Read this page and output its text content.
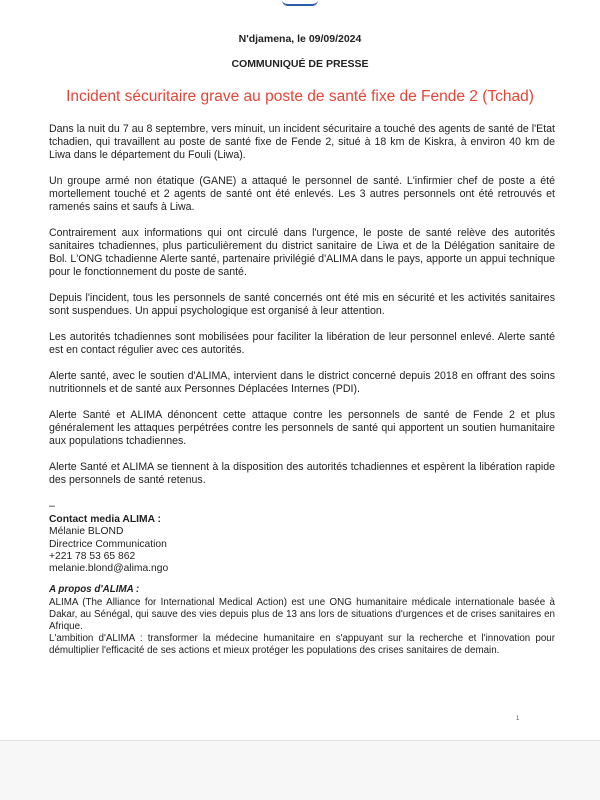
N'djamena, le 09/09/2024
COMMUNIQUÉ DE PRESSE
Incident sécuritaire grave au poste de santé fixe de Fende 2 (Tchad)

Dans la nuit du 7 au 8 septembre, vers minuit, un incident sécuritaire a touché des agents de santé de l'Etat tchadien, qui travaillent au poste de santé fixe de Fende 2, situé à 18 km de Kiskra, à environ 40 km de Liwa dans le département du Fouli (Liwa).

Un groupe armé non étatique (GANE) a attaqué le personnel de santé. L'infirmier chef de poste a été mortellement touché et 2 agents de santé ont été enlevés. Les 3 autres personnels ont été retrouvés et ramenés sains et saufs à Liwa.

Contrairement aux informations qui ont circulé dans l'urgence, le poste de santé relève des autorités sanitaires tchadiennes, plus particulièrement du district sanitaire de Liwa et de la Délégation sanitaire de Bol. L'ONG tchadienne Alerte santé, partenaire privilégié d'ALIMA dans le pays, apporte un appui technique pour le fonctionnement du poste de santé.

Depuis l'incident, tous les personnels de santé concernés ont été mis en sécurité et les activités sanitaires sont suspendues. Un appui psychologique est organisé à leur attention.

Les autorités tchadiennes sont mobilisées pour faciliter la libération de leur personnel enlevé. Alerte santé est en contact régulier avec ces autorités.

Alerte santé, avec le soutien d'ALIMA, intervient dans le district concerné depuis 2018 en offrant des soins nutritionnels et de santé aux Personnes Déplacées Internes (PDI).

Alerte Santé et ALIMA dénoncent cette attaque contre les personnels de santé de Fende 2 et plus généralement les attaques perpétrées contre les personnels de santé qui apportent un soutien humanitaire aux populations tchadiennes.

Alerte Santé et ALIMA se tiennent à la disposition des autorités tchadiennes et espèrent la libération rapide des personnels de santé retenus.

–
Contact media ALIMA :
Mélanie BLOND
Directrice Communication
+221 78 53 65 862
melanie.blond@alima.ngo
A propos d'ALIMA :

ALIMA (The Alliance for International Medical Action) est une ONG humanitaire médicale internationale basée à Dakar, au Sénégal, qui sauve des vies depuis plus de 13 ans lors de situations d'urgences et de crises sanitaires en Afrique.

L'ambition d'ALIMA : transformer la médecine humanitaire en s'appuyant sur la recherche et l'innovation pour démultiplier l'efficacité de ses actions et mieux protéger les populations des crises sanitaires de demain.

1
